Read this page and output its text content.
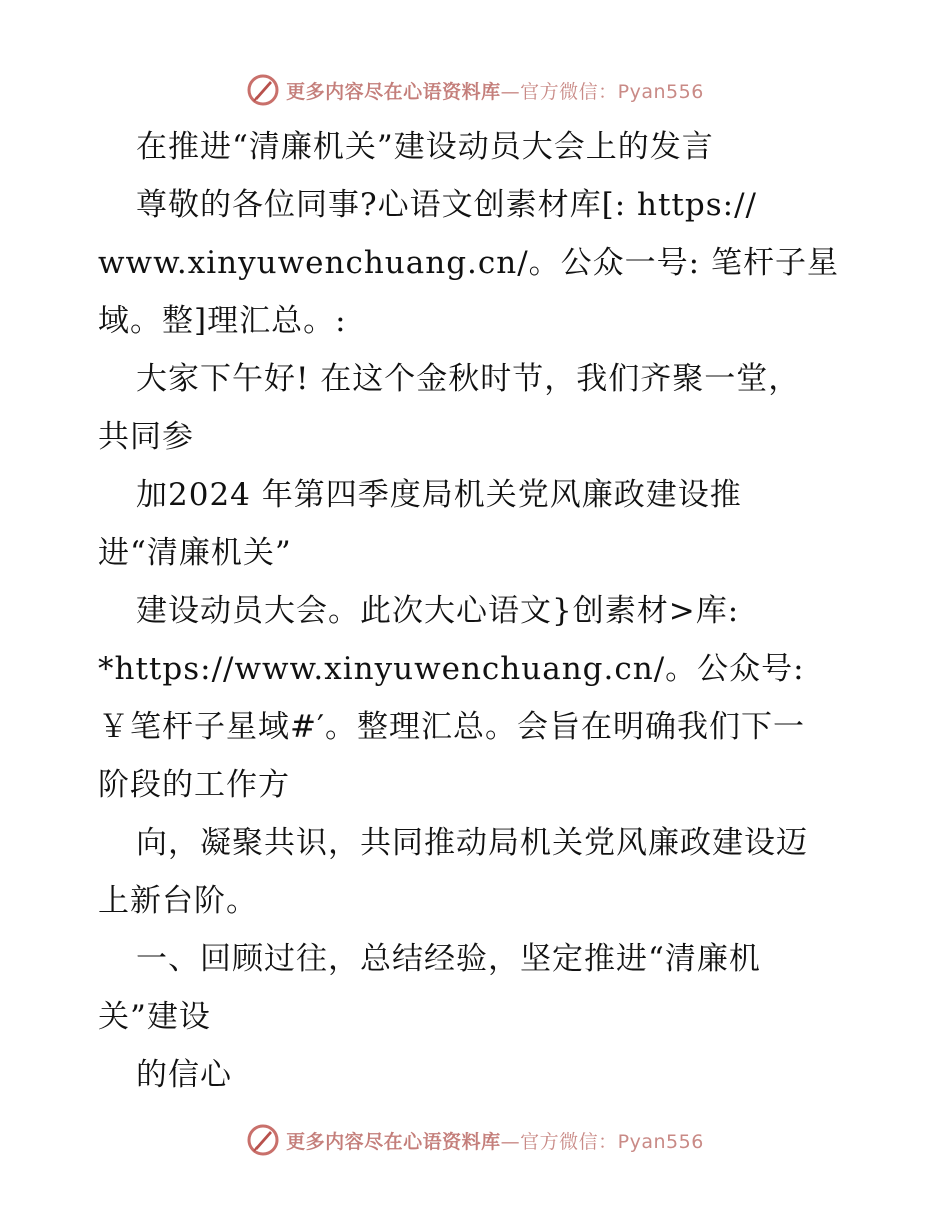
更多内容尽在心语资料库—官方微信：Pyan556

在推进“清廉机关”建设动员大会上的发言

尊敬的各位同事?心语文创素材库[: https://

www.xinyuwenchuang.cn/。公众一号: 笔杆子星

域。整]理汇总。:

大家下午好! 在这个金秋时节，我们齐聚一堂，

共同参

加2024 年第四季度局机关党风廉政建设推

进“清廉机关”

建设动员大会。此次大心语文}创素材>库:

*https://www.xinyuwenchuang.cn/。公众号:

￥笔杆子星域#′。整理汇总。会旨在明确我们下一

阶段的工作方

向，凝聚共识，共同推动局机关党风廉政建设迈

上新台阶。

一、回顾过往，总结经验，坚定推进“清廉机

关”建设

的信心

更多内容尽在心语资料库—官方微信：Pyan556
